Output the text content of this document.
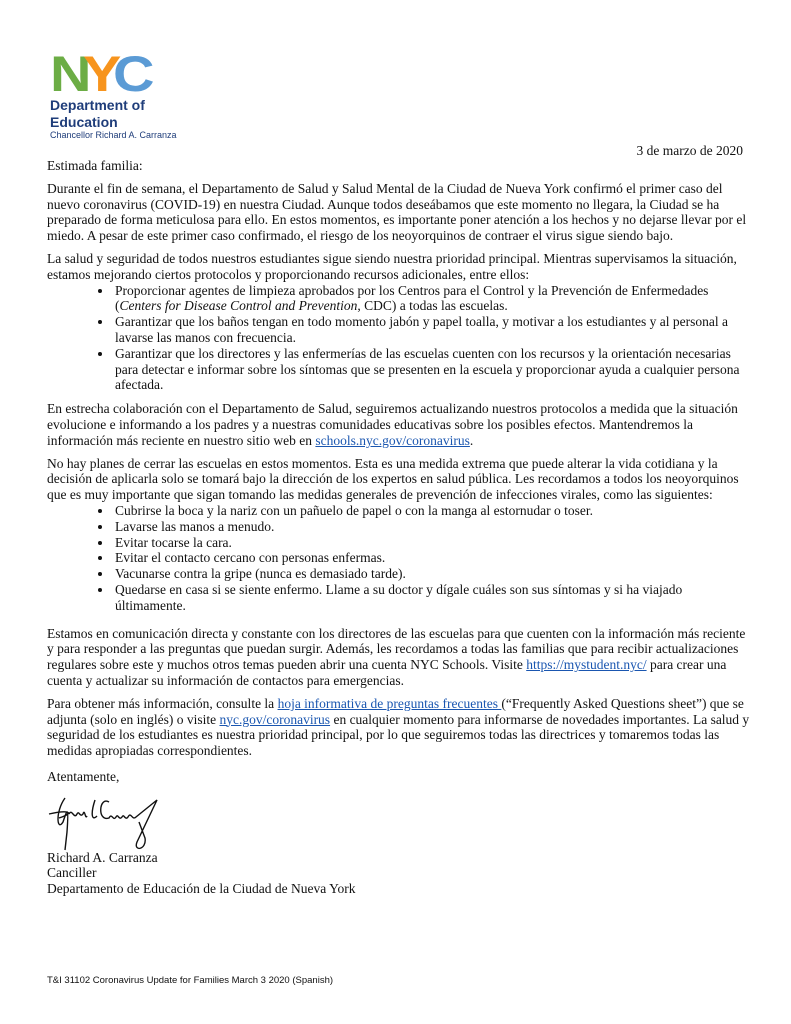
N
Y
C
Department of
Education
Chancellor Richard A. Carranza
3 de marzo de 2020

Estimada familia:

Durante el fin de semana, el Departamento de Salud y Salud Mental de la Ciudad de Nueva York confirmó el primer caso del nuevo coronavirus (COVID-19) en nuestra Ciudad. Aunque todos deseábamos que este momento no llegara, la Ciudad se ha preparado de forma meticulosa para ello. En estos momentos, es importante poner atención a los hechos y no dejarse llevar por el miedo. A pesar de este primer caso confirmado, el riesgo de los neoyorquinos de contraer el virus sigue siendo bajo.

La salud y seguridad de todos nuestros estudiantes sigue siendo nuestra prioridad principal. Mientras supervisamos la situación, estamos mejorando ciertos protocolos y proporcionando recursos adicionales, entre ellos:

• Proporcionar agentes de limpieza aprobados por los Centros para el Control y la Prevención de Enfermedades (Centers for Disease Control and Prevention, CDC) a todas las escuelas.
• Garantizar que los baños tengan en todo momento jabón y papel toalla, y motivar a los estudiantes y al personal a lavarse las manos con frecuencia.
• Garantizar que los directores y las enfermerías de las escuelas cuenten con los recursos y la orientación necesarias para detectar e informar sobre los síntomas que se presenten en la escuela y proporcionar ayuda a cualquier persona afectada.

En estrecha colaboración con el Departamento de Salud, seguiremos actualizando nuestros protocolos a medida que la situación evolucione e informando a los padres y a nuestras comunidades educativas sobre los posibles efectos. Mantendremos la información más reciente en nuestro sitio web en schools.nyc.gov/coronavirus.

No hay planes de cerrar las escuelas en estos momentos. Esta es una medida extrema que puede alterar la vida cotidiana y la decisión de aplicarla solo se tomará bajo la dirección de los expertos en salud pública. Les recordamos a todos los neoyorquinos que es muy importante que sigan tomando las medidas generales de prevención de infecciones virales, como las siguientes:

• Cubrirse la boca y la nariz con un pañuelo de papel o con la manga al estornudar o toser.
• Lavarse las manos a menudo.
• Evitar tocarse la cara.
• Evitar el contacto cercano con personas enfermas.
• Vacunarse contra la gripe (nunca es demasiado tarde).
• Quedarse en casa si se siente enfermo. Llame a su doctor y dígale cuáles son sus síntomas y si ha viajado últimamente.

Estamos en comunicación directa y constante con los directores de las escuelas para que cuenten con la información más reciente y para responder a las preguntas que puedan surgir. Además, les recordamos a todas las familias que para recibir actualizaciones regulares sobre este y muchos otros temas pueden abrir una cuenta NYC Schools. Visite https://mystudent.nyc/ para crear una cuenta y actualizar su información de contactos para emergencias.

Para obtener más información, consulte la hoja informativa de preguntas frecuentes (“Frequently Asked Questions sheet”) que se adjunta (solo en inglés) o visite nyc.gov/coronavirus en cualquier momento para informarse de novedades importantes. La salud y seguridad de los estudiantes es nuestra prioridad principal, por lo que seguiremos todas las directrices y tomaremos todas las medidas apropiadas correspondientes.

Atentamente,

Richard A. Carranza
Canciller
Departamento de Educación de la Ciudad de Nueva York
T&I 31102 Coronavirus Update for Families March 3 2020 (Spanish)
